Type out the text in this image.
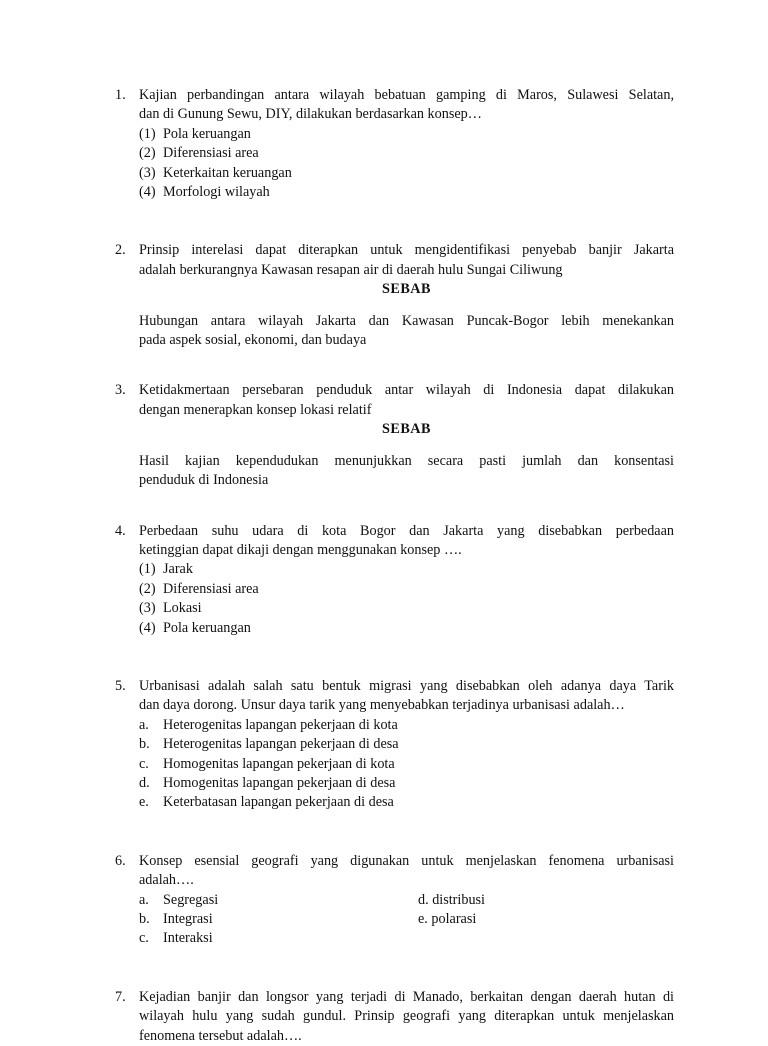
1. Kajian perbandingan antara wilayah bebatuan gamping di Maros, Sulawesi Selatan,
dan di Gunung Sewu, DIY, dilakukan berdasarkan konsep…
(1) Pola keruangan
(2) Diferensiasi area
(3) Keterkaitan keruangan
(4) Morfologi wilayah
2. Prinsip interelasi dapat diterapkan untuk mengidentifikasi penyebab banjir Jakarta
adalah berkurangnya Kawasan resapan air di daerah hulu Sungai Ciliwung
SEBAB
Hubungan antara wilayah Jakarta dan Kawasan Puncak-Bogor lebih menekankan
pada aspek sosial, ekonomi, dan budaya
3. Ketidakmertaan persebaran penduduk antar wilayah di Indonesia dapat dilakukan
dengan menerapkan konsep lokasi relatif
SEBAB
Hasil kajian kependudukan menunjukkan secara pasti jumlah dan konsentasi
penduduk di Indonesia
4. Perbedaan suhu udara di kota Bogor dan Jakarta yang disebabkan perbedaan
ketinggian dapat dikaji dengan menggunakan konsep ….
(1) Jarak
(2) Diferensiasi area
(3) Lokasi
(4) Pola keruangan
5. Urbanisasi adalah salah satu bentuk migrasi yang disebabkan oleh adanya daya Tarik
dan daya dorong. Unsur daya tarik yang menyebabkan terjadinya urbanisasi adalah…
a. Heterogenitas lapangan pekerjaan di kota
b. Heterogenitas lapangan pekerjaan di desa
c. Homogenitas lapangan pekerjaan di kota
d. Homogenitas lapangan pekerjaan di desa
e. Keterbatasan lapangan pekerjaan di desa
6. Konsep esensial geografi yang digunakan untuk menjelaskan fenomena urbanisasi
adalah….
a. Segregasi	d. distribusi
b. Integrasi	e. polarasi
c. Interaksi
7. Kejadian banjir dan longsor yang terjadi di Manado, berkaitan dengan daerah hutan di
wilayah hulu yang sudah gundul. Prinsip geografi yang diterapkan untuk menjelaskan
fenomena tersebut adalah….
